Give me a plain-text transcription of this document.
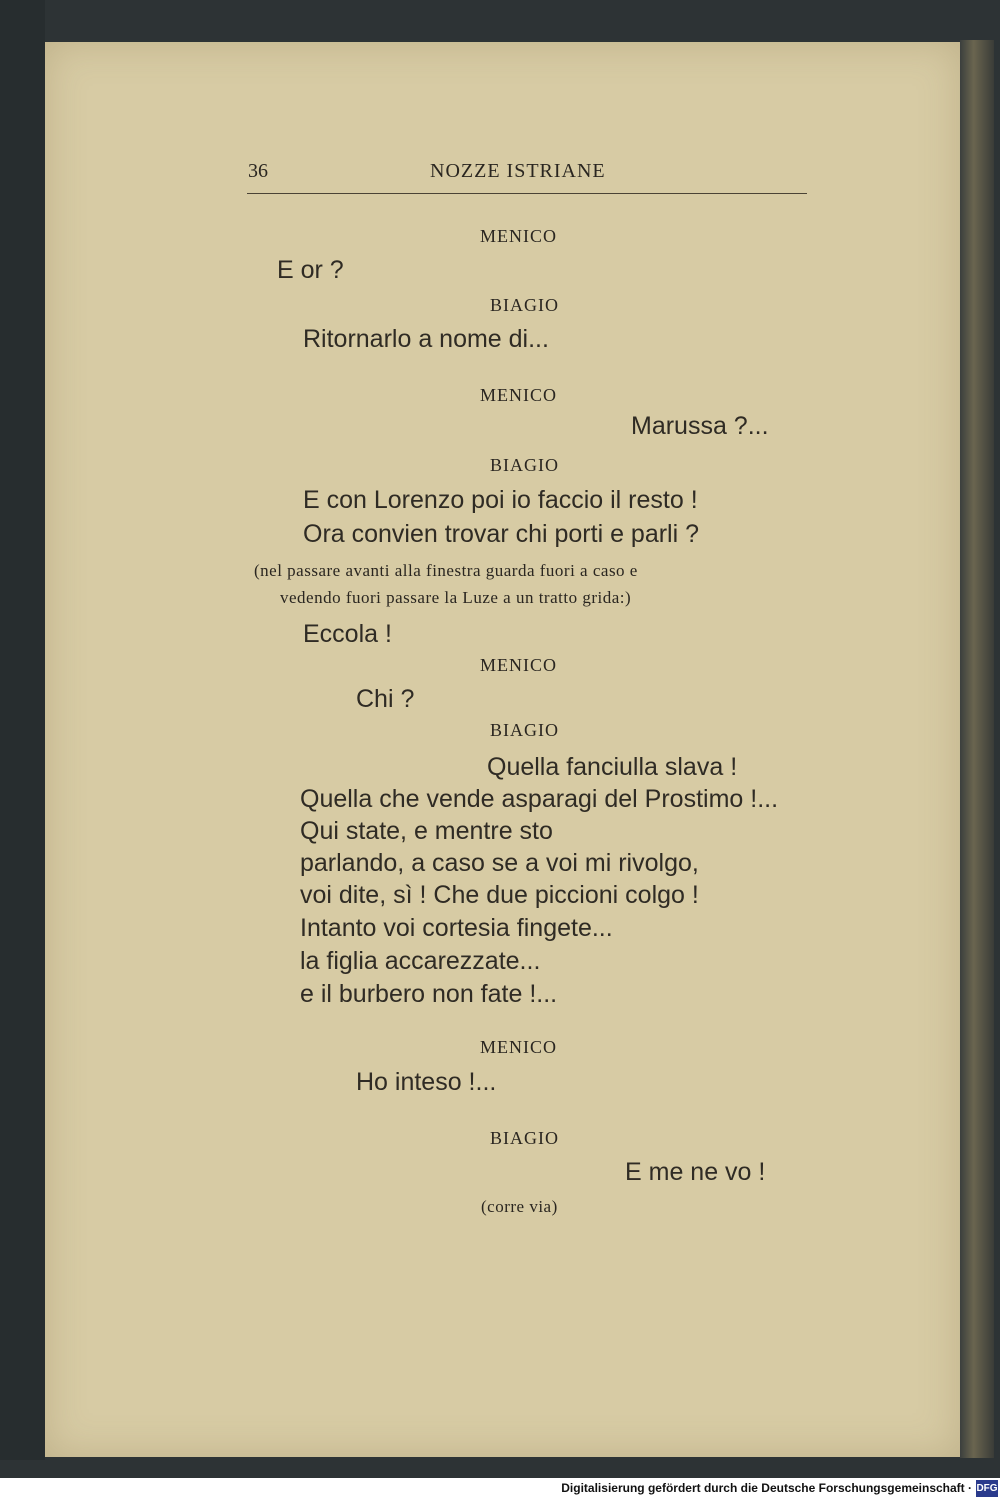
36	NOZZE ISTRIANE
MENICO
E or ?
BIAGIO
Ritornarlo a nome di...
MENICO
Marussa ?...
BIAGIO
E con Lorenzo poi io faccio il resto !
Ora convien trovar chi porti e parli ?
(nel passare avanti alla finestra guarda fuori a caso e
vedendo fuori passare la Luze a un tratto grida:)
Eccola !
MENICO
Chi ?
BIAGIO
Quella fanciulla slava !
Quella che vende asparagi del Prostimo !...
Qui state, e mentre sto
parlando, a caso se a voi mi rivolgo,
voi dite, sì ! Che due piccioni colgo !
Intanto voi cortesia fingete...
la figlia accarezzate...
e il burbero non fate !...
MENICO
Ho inteso !...
BIAGIO
E me ne vo !
(corre via)
Digitalisierung gefördert durch die Deutsche Forschungsgemeinschaft · DFG
